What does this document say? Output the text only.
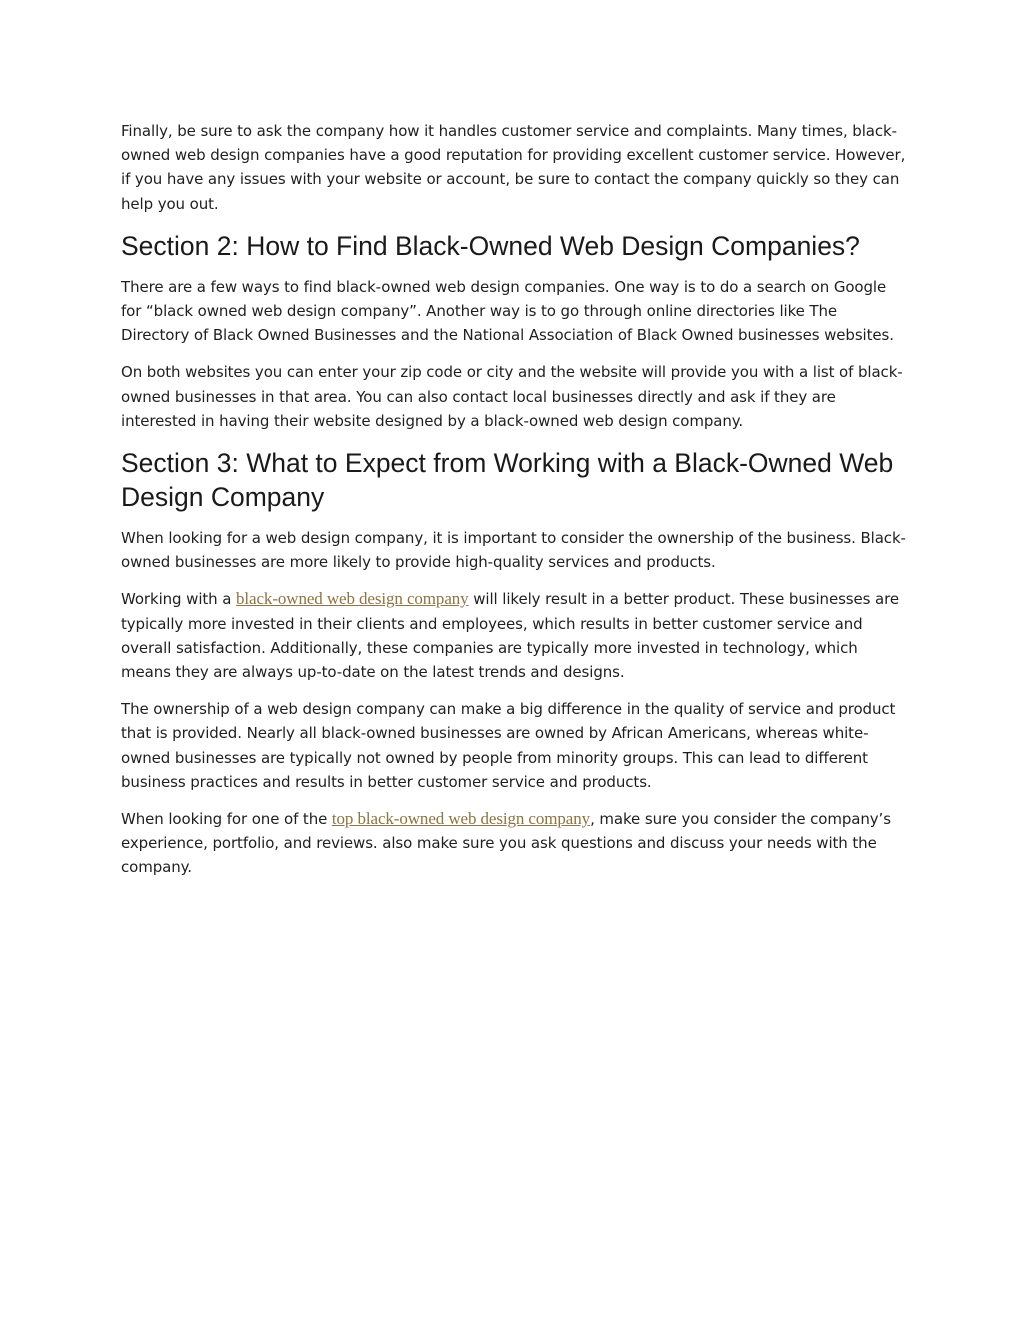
Finally, be sure to ask the company how it handles customer service and complaints. Many times, black-owned web design companies have a good reputation for providing excellent customer service. However, if you have any issues with your website or account, be sure to contact the company quickly so they can help you out.

Section 2: How to Find Black-Owned Web Design Companies?

There are a few ways to find black-owned web design companies. One way is to do a search on Google for “black owned web design company”. Another way is to go through online directories like The Directory of Black Owned Businesses and the National Association of Black Owned businesses websites.

On both websites you can enter your zip code or city and the website will provide you with a list of black-owned businesses in that area. You can also contact local businesses directly and ask if they are interested in having their website designed by a black-owned web design company.

Section 3: What to Expect from Working with a Black-Owned Web Design Company

When looking for a web design company, it is important to consider the ownership of the business. Black-owned businesses are more likely to provide high-quality services and products.

Working with a black-owned web design company will likely result in a better product. These businesses are typically more invested in their clients and employees, which results in better customer service and overall satisfaction. Additionally, these companies are typically more invested in technology, which means they are always up-to-date on the latest trends and designs.

The ownership of a web design company can make a big difference in the quality of service and product that is provided. Nearly all black-owned businesses are owned by African Americans, whereas white-owned businesses are typically not owned by people from minority groups. This can lead to different business practices and results in better customer service and products.

When looking for one of the top black-owned web design company, make sure you consider the company’s experience, portfolio, and reviews. also make sure you ask questions and discuss your needs with the company.
